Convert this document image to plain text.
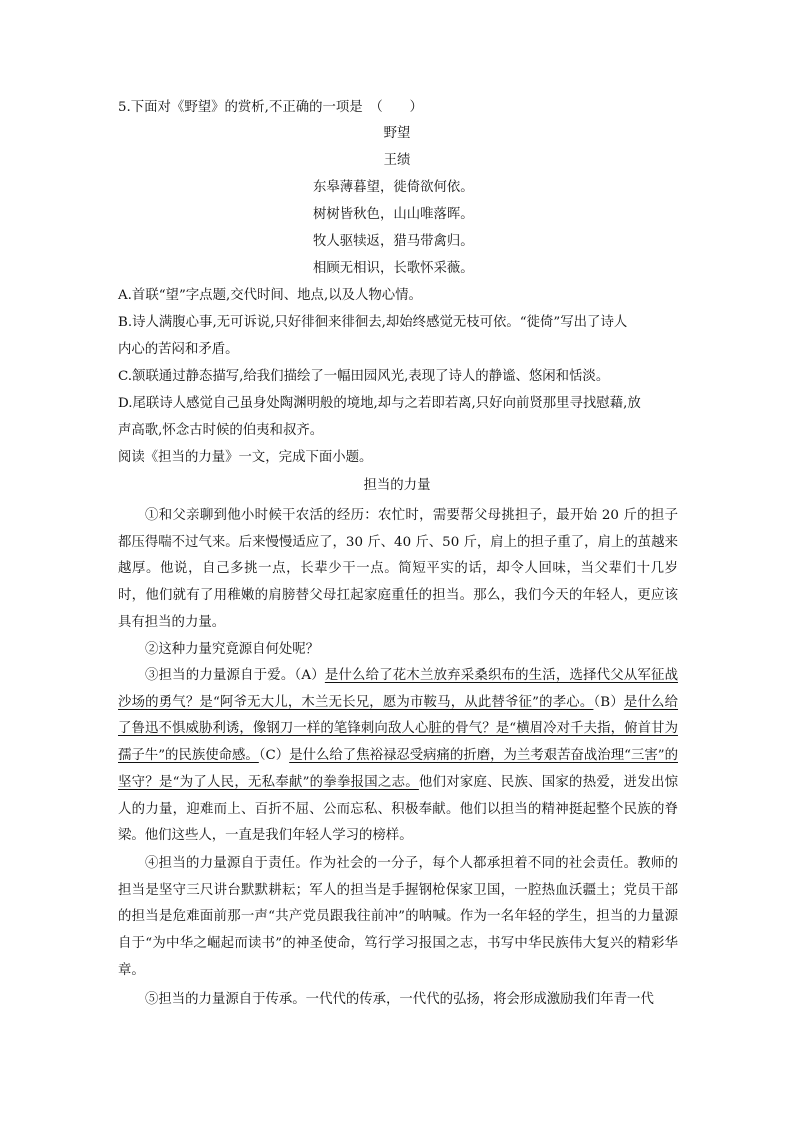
5.下面对《野望》的赏析,不正确的一项是　（　　）
野望
王绩
东皋薄暮望，徙倚欲何依。
树树皆秋色，山山唯落晖。
牧人驱犊返，猎马带禽归。
相顾无相识，长歌怀采薇。
A.首联“望”字点题,交代时间、地点,以及人物心情。
B.诗人满腹心事,无可诉说,只好徘徊来徘徊去,却始终感觉无枝可依。“徙倚”写出了诗人
内心的苦闷和矛盾。
C.颔联通过静态描写,给我们描绘了一幅田园风光,表现了诗人的静谧、悠闲和恬淡。
D.尾联诗人感觉自己虽身处陶渊明般的境地,却与之若即若离,只好向前贤那里寻找慰藉,放
声高歌,怀念古时候的伯夷和叔齐。
阅读《担当的力量》一文，完成下面小题。
担当的力量

①和父亲聊到他小时候干农活的经历：农忙时，需要帮父母挑担子，最开始 20 斤的担子都压得喘不过气来。后来慢慢适应了，30 斤、40 斤、50 斤，肩上的担子重了，肩上的茧越来越厚。他说，自己多挑一点，长辈少干一点。简短平实的话，却令人回味，当父辈们十几岁时，他们就有了用稚嫩的肩膀替父母扛起家庭重任的担当。那么，我们今天的年轻人，更应该具有担当的力量。

②这种力量究竟源自何处呢？

③担当的力量源自于爱。（A）是什么给了花木兰放弃采桑织布的生活，选择代父从军征战沙场的勇气？是“阿爷无大儿，木兰无长兄，愿为市鞍马，从此替爷征”的孝心。（B）是什么给了鲁迅不惧威胁利诱，像钢刀一样的笔锋刺向敌人心脏的骨气？是“横眉冷对千夫指，俯首甘为孺子牛”的民族使命感。（C）是什么给了焦裕禄忍受病痛的折磨，为兰考艰苦奋战治理“三害”的坚守？是“为了人民，无私奉献”的拳拳报国之志。他们对家庭、民族、国家的热爱，迸发出惊人的力量，迎难而上、百折不屈、公而忘私、积极奉献。他们以担当的精神挺起整个民族的脊梁。他们这些人，一直是我们年轻人学习的榜样。

④担当的力量源自于责任。作为社会的一分子，每个人都承担着不同的社会责任。教师的担当是坚守三尺讲台默默耕耘；军人的担当是手握钢枪保家卫国，一腔热血沃疆土；党员干部的担当是危难面前那一声“共产党员跟我往前冲”的呐喊。作为一名年轻的学生，担当的力量源自于“为中华之崛起而读书”的神圣使命，笃行学习报国之志，书写中华民族伟大复兴的精彩华章。

⑤担当的力量源自于传承。一代代的传承，一代代的弘扬，将会形成激励我们年青一代
